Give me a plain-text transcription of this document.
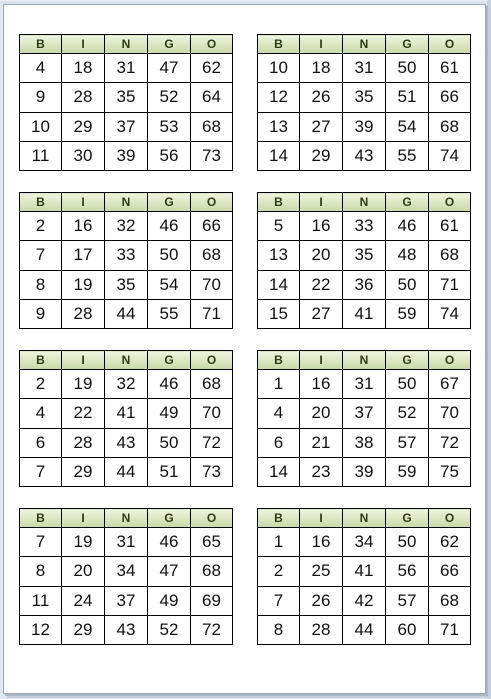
B	I	N	G	O
4	18	31	47	62
9	28	35	52	64
10	29	37	53	68
11	30	39	56	73
B	I	N	G	O
10	18	31	50	61
12	26	35	51	66
13	27	39	54	68
14	29	43	55	74
B	I	N	G	O
2	16	32	46	66
7	17	33	50	68
8	19	35	54	70
9	28	44	55	71
B	I	N	G	O
5	16	33	46	61
13	20	35	48	68
14	22	36	50	71
15	27	41	59	74
B	I	N	G	O
2	19	32	46	68
4	22	41	49	70
6	28	43	50	72
7	29	44	51	73
B	I	N	G	O
1	16	31	50	67
4	20	37	52	70
6	21	38	57	72
14	23	39	59	75
B	I	N	G	O
7	19	31	46	65
8	20	34	47	68
11	24	37	49	69
12	29	43	52	72
B	I	N	G	O
1	16	34	50	62
2	25	41	56	66
7	26	42	57	68
8	28	44	60	71
